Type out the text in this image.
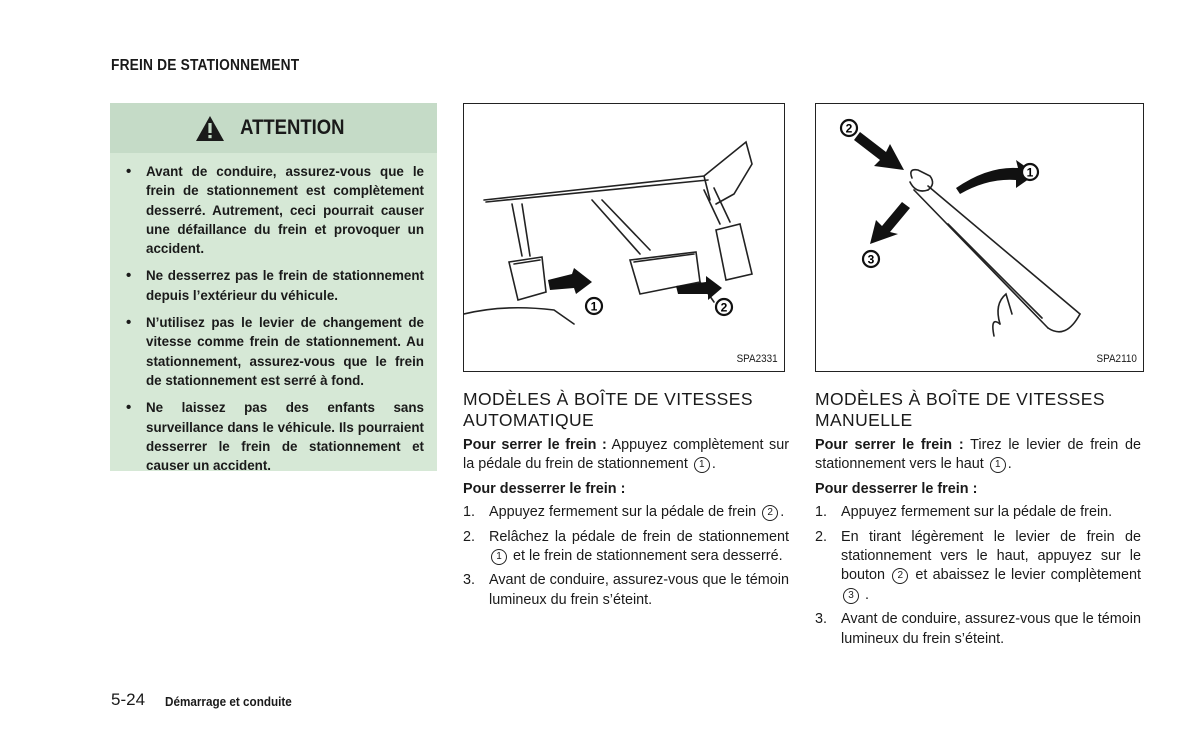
FREIN DE STATIONNEMENT
ATTENTION
• Avant de conduire, assurez-vous que le frein de stationnement est complètement desserré. Autrement, ceci pourrait causer une défaillance du frein et provoquer un accident.
• Ne desserrez pas le frein de stationnement depuis l’extérieur du véhicule.
• N’utilisez pas le levier de changement de vitesse comme frein de stationnement. Au stationnement, assurez-vous que le frein de stationnement est serré à fond.
• Ne laissez pas des enfants sans surveillance dans le véhicule. Ils pourraient desserrer le frein de stationnement et causer un accident.
1	2
SPA2331
2
1
3
SPA2110
MODÈLES À BOÎTE DE VITESSES AUTOMATIQUE

Pour serrer le frein : Appuyez complètement sur la pédale du frein de stationnement 1 .

Pour desserrer le frein :

1. Appuyez fermement sur la pédale de frein 2 .
2. Relâchez la pédale de frein de stationnement 1 et le frein de stationnement sera desserré.
3. Avant de conduire, assurez-vous que le témoin lumineux du frein s’éteint.
MODÈLES À BOÎTE DE VITESSES MANUELLE

Pour serrer le frein : Tirez le levier de frein de stationnement vers le haut 1 .

Pour desserrer le frein :

1. Appuyez fermement sur la pédale de frein.
2. En tirant légèrement le levier de frein de stationnement vers le haut, appuyez sur le bouton 2 et abaissez le levier complètement 3 .
3. Avant de conduire, assurez-vous que le témoin lumineux du frein s’éteint.
5-24 Démarrage et conduite
